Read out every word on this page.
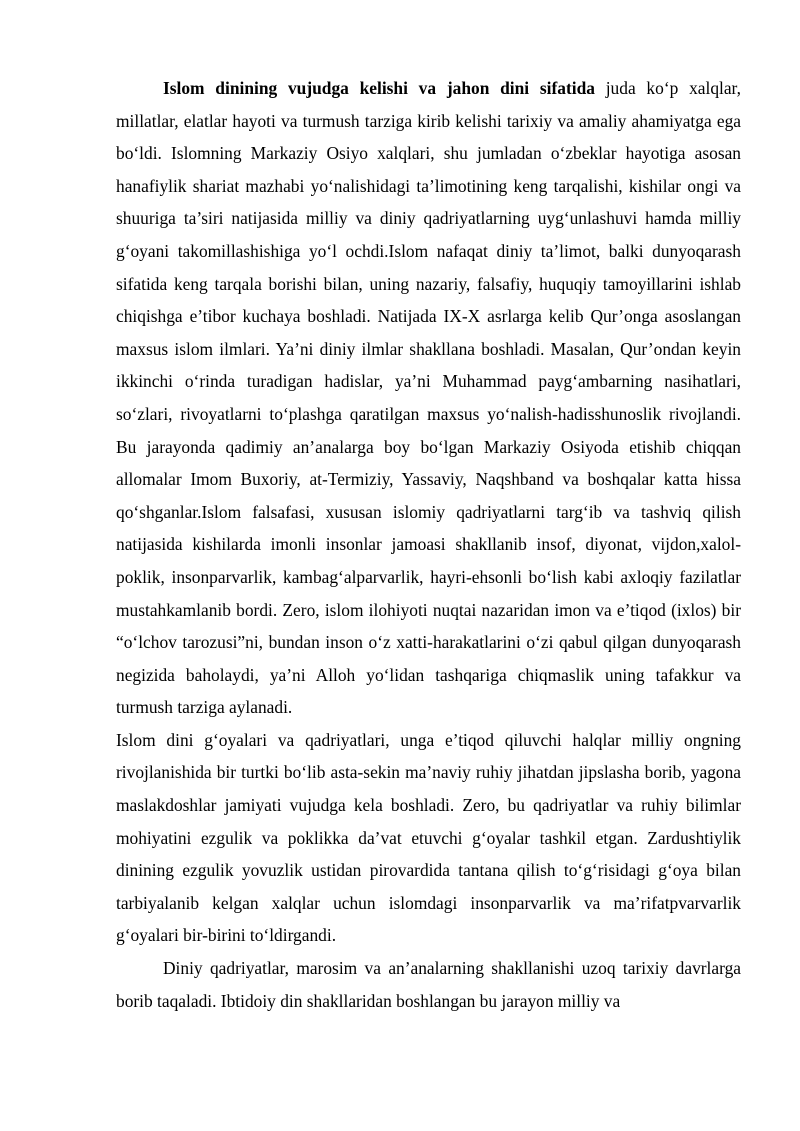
Islom dinining vujudga kelishi va jahon dini sifatida juda ko‘p xalqlar, millatlar, elatlar hayoti va turmush tarziga kirib kelishi tarixiy va amaliy ahamiyatga ega bo‘ldi. Islomning Markaziy Osiyo xalqlari, shu jumladan o‘zbeklar hayotiga asosan hanafiylik shariat mazhabi yo‘nalishidagi ta’limotining keng tarqalishi, kishilar ongi va shuuriga ta’siri natijasida milliy va diniy qadriyatlarning uyg‘unlashuvi hamda milliy g‘oyani takomillashishiga yo‘l ochdi.Islom nafaqat diniy ta’limot, balki dunyoqarash sifatida keng tarqala borishi bilan, uning nazariy, falsafiy, huquqiy tamoyillarini ishlab chiqishga e’tibor kuchaya boshladi. Natijada IX-X asrlarga kelib Qur’onga asoslangan maxsus islom ilmlari. Ya’ni diniy ilmlar shakllana boshladi. Masalan, Qur’ondan keyin ikkinchi o‘rinda turadigan hadislar, ya’ni Muhammad payg‘ambarning nasihatlari, so‘zlari, rivoyatlarni to‘plashga qaratilgan maxsus yo‘nalish-hadisshunoslik rivojlandi. Bu jarayonda qadimiy an’analarga boy bo‘lgan Markaziy Osiyoda etishib chiqqan allomalar Imom Buxoriy, at-Termiziy, Yassaviy, Naqshband va boshqalar katta hissa qo‘shganlar.Islom falsafasi, xususan islomiy qadriyatlarni targ‘ib va tashviq qilish natijasida kishilarda imonli insonlar jamoasi shakllanib insof, diyonat, vijdon,xalol-poklik, insonparvarlik, kambag‘alparvarlik, hayri-ehsonli bo‘lish kabi axloqiy fazilatlar mustahkamlanib bordi. Zero, islom ilohiyoti nuqtai nazaridan imon va e’tiqod (ixlos) bir “o‘lchov tarozusi”ni, bundan inson o‘z xatti-harakatlarini o‘zi qabul qilgan dunyoqarash negizida baholaydi, ya’ni Alloh yo‘lidan tashqariga chiqmaslik uning tafakkur va turmush tarziga aylanadi.

Islom dini g‘oyalari va qadriyatlari, unga e’tiqod qiluvchi halqlar milliy ongning rivojlanishida bir turtki bo‘lib asta-sekin ma’naviy ruhiy jihatdan jipslasha borib, yagona maslakdoshlar jamiyati vujudga kela boshladi. Zero, bu qadriyatlar va ruhiy bilimlar mohiyatini ezgulik va poklikka da’vat etuvchi g‘oyalar tashkil etgan. Zardushtiylik dinining ezgulik yovuzlik ustidan pirovardida tantana qilish to‘g‘risidagi g‘oya bilan tarbiyalanib kelgan xalqlar uchun islomdagi insonparvarlik va ma’rifatpvarvarlik g‘oyalari bir-birini to‘ldirgandi.

Diniy qadriyatlar, marosim va an’analarning shakllanishi uzoq tarixiy davrlarga borib taqaladi. Ibtidoiy din shakllaridan boshlangan bu jarayon milliy va
